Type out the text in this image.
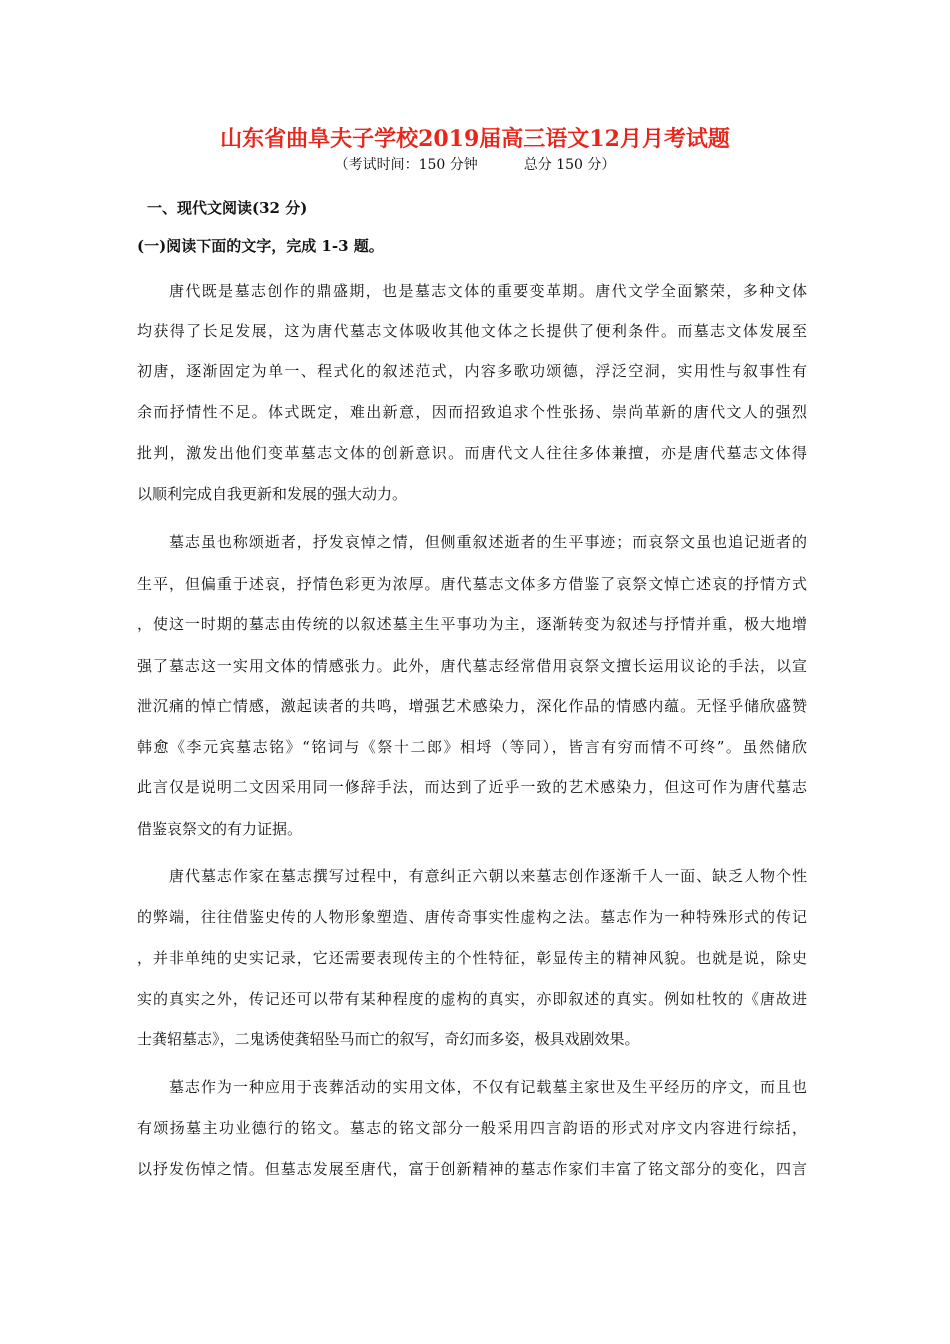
山东省曲阜夫子学校2019届高三语文12月月考试题
（考试时间：150 分钟	总分 150 分）
一、现代文阅读(32 分)
(一)阅读下面的文字，完成 1-3 题。
唐代既是墓志创作的鼎盛期，也是墓志文体的重要变革期。唐代文学全面繁荣，多种文体
均获得了长足发展，这为唐代墓志文体吸收其他文体之长提供了便利条件。而墓志文体发展至
初唐，逐渐固定为单一、程式化的叙述范式，内容多歌功颂德，浮泛空洞，实用性与叙事性有
余而抒情性不足。体式既定，难出新意，因而招致追求个性张扬、崇尚革新的唐代文人的强烈
批判，激发出他们变革墓志文体的创新意识。而唐代文人往往多体兼擅，亦是唐代墓志文体得
以顺利完成自我更新和发展的强大动力。
墓志虽也称颂逝者，抒发哀悼之情，但侧重叙述逝者的生平事迹；而哀祭文虽也追记逝者的
生平，但偏重于述哀，抒情色彩更为浓厚。唐代墓志文体多方借鉴了哀祭文悼亡述哀的抒情方式
，使这一时期的墓志由传统的以叙述墓主生平事功为主，逐渐转变为叙述与抒情并重，极大地增
强了墓志这一实用文体的情感张力。此外，唐代墓志经常借用哀祭文擅长运用议论的手法，以宣
泄沉痛的悼亡情感，激起读者的共鸣，增强艺术感染力，深化作品的情感内蕴。无怪乎储欣盛赞
韩愈《李元宾墓志铭》“铭词与《祭十二郎》相埒（等同），皆言有穷而情不可终”。虽然储欣
此言仅是说明二文因采用同一修辞手法，而达到了近乎一致的艺术感染力，但这可作为唐代墓志
借鉴哀祭文的有力证据。
唐代墓志作家在墓志撰写过程中，有意纠正六朝以来墓志创作逐渐千人一面、缺乏人物个性
的弊端，往往借鉴史传的人物形象塑造、唐传奇事实性虚构之法。墓志作为一种特殊形式的传记
，并非单纯的史实记录，它还需要表现传主的个性特征，彰显传主的精神风貌。也就是说，除史
实的真实之外，传记还可以带有某种程度的虚构的真实，亦即叙述的真实。例如杜牧的《唐故进
士龚轺墓志》，二鬼诱使龚轺坠马而亡的叙写，奇幻而多姿，极具戏剧效果。
墓志作为一种应用于丧葬活动的实用文体，不仅有记载墓主家世及生平经历的序文，而且也
有颂扬墓主功业德行的铭文。墓志的铭文部分一般采用四言韵语的形式对序文内容进行综括，
以抒发伤悼之情。但墓志发展至唐代，富于创新精神的墓志作家们丰富了铭文部分的变化，四言
